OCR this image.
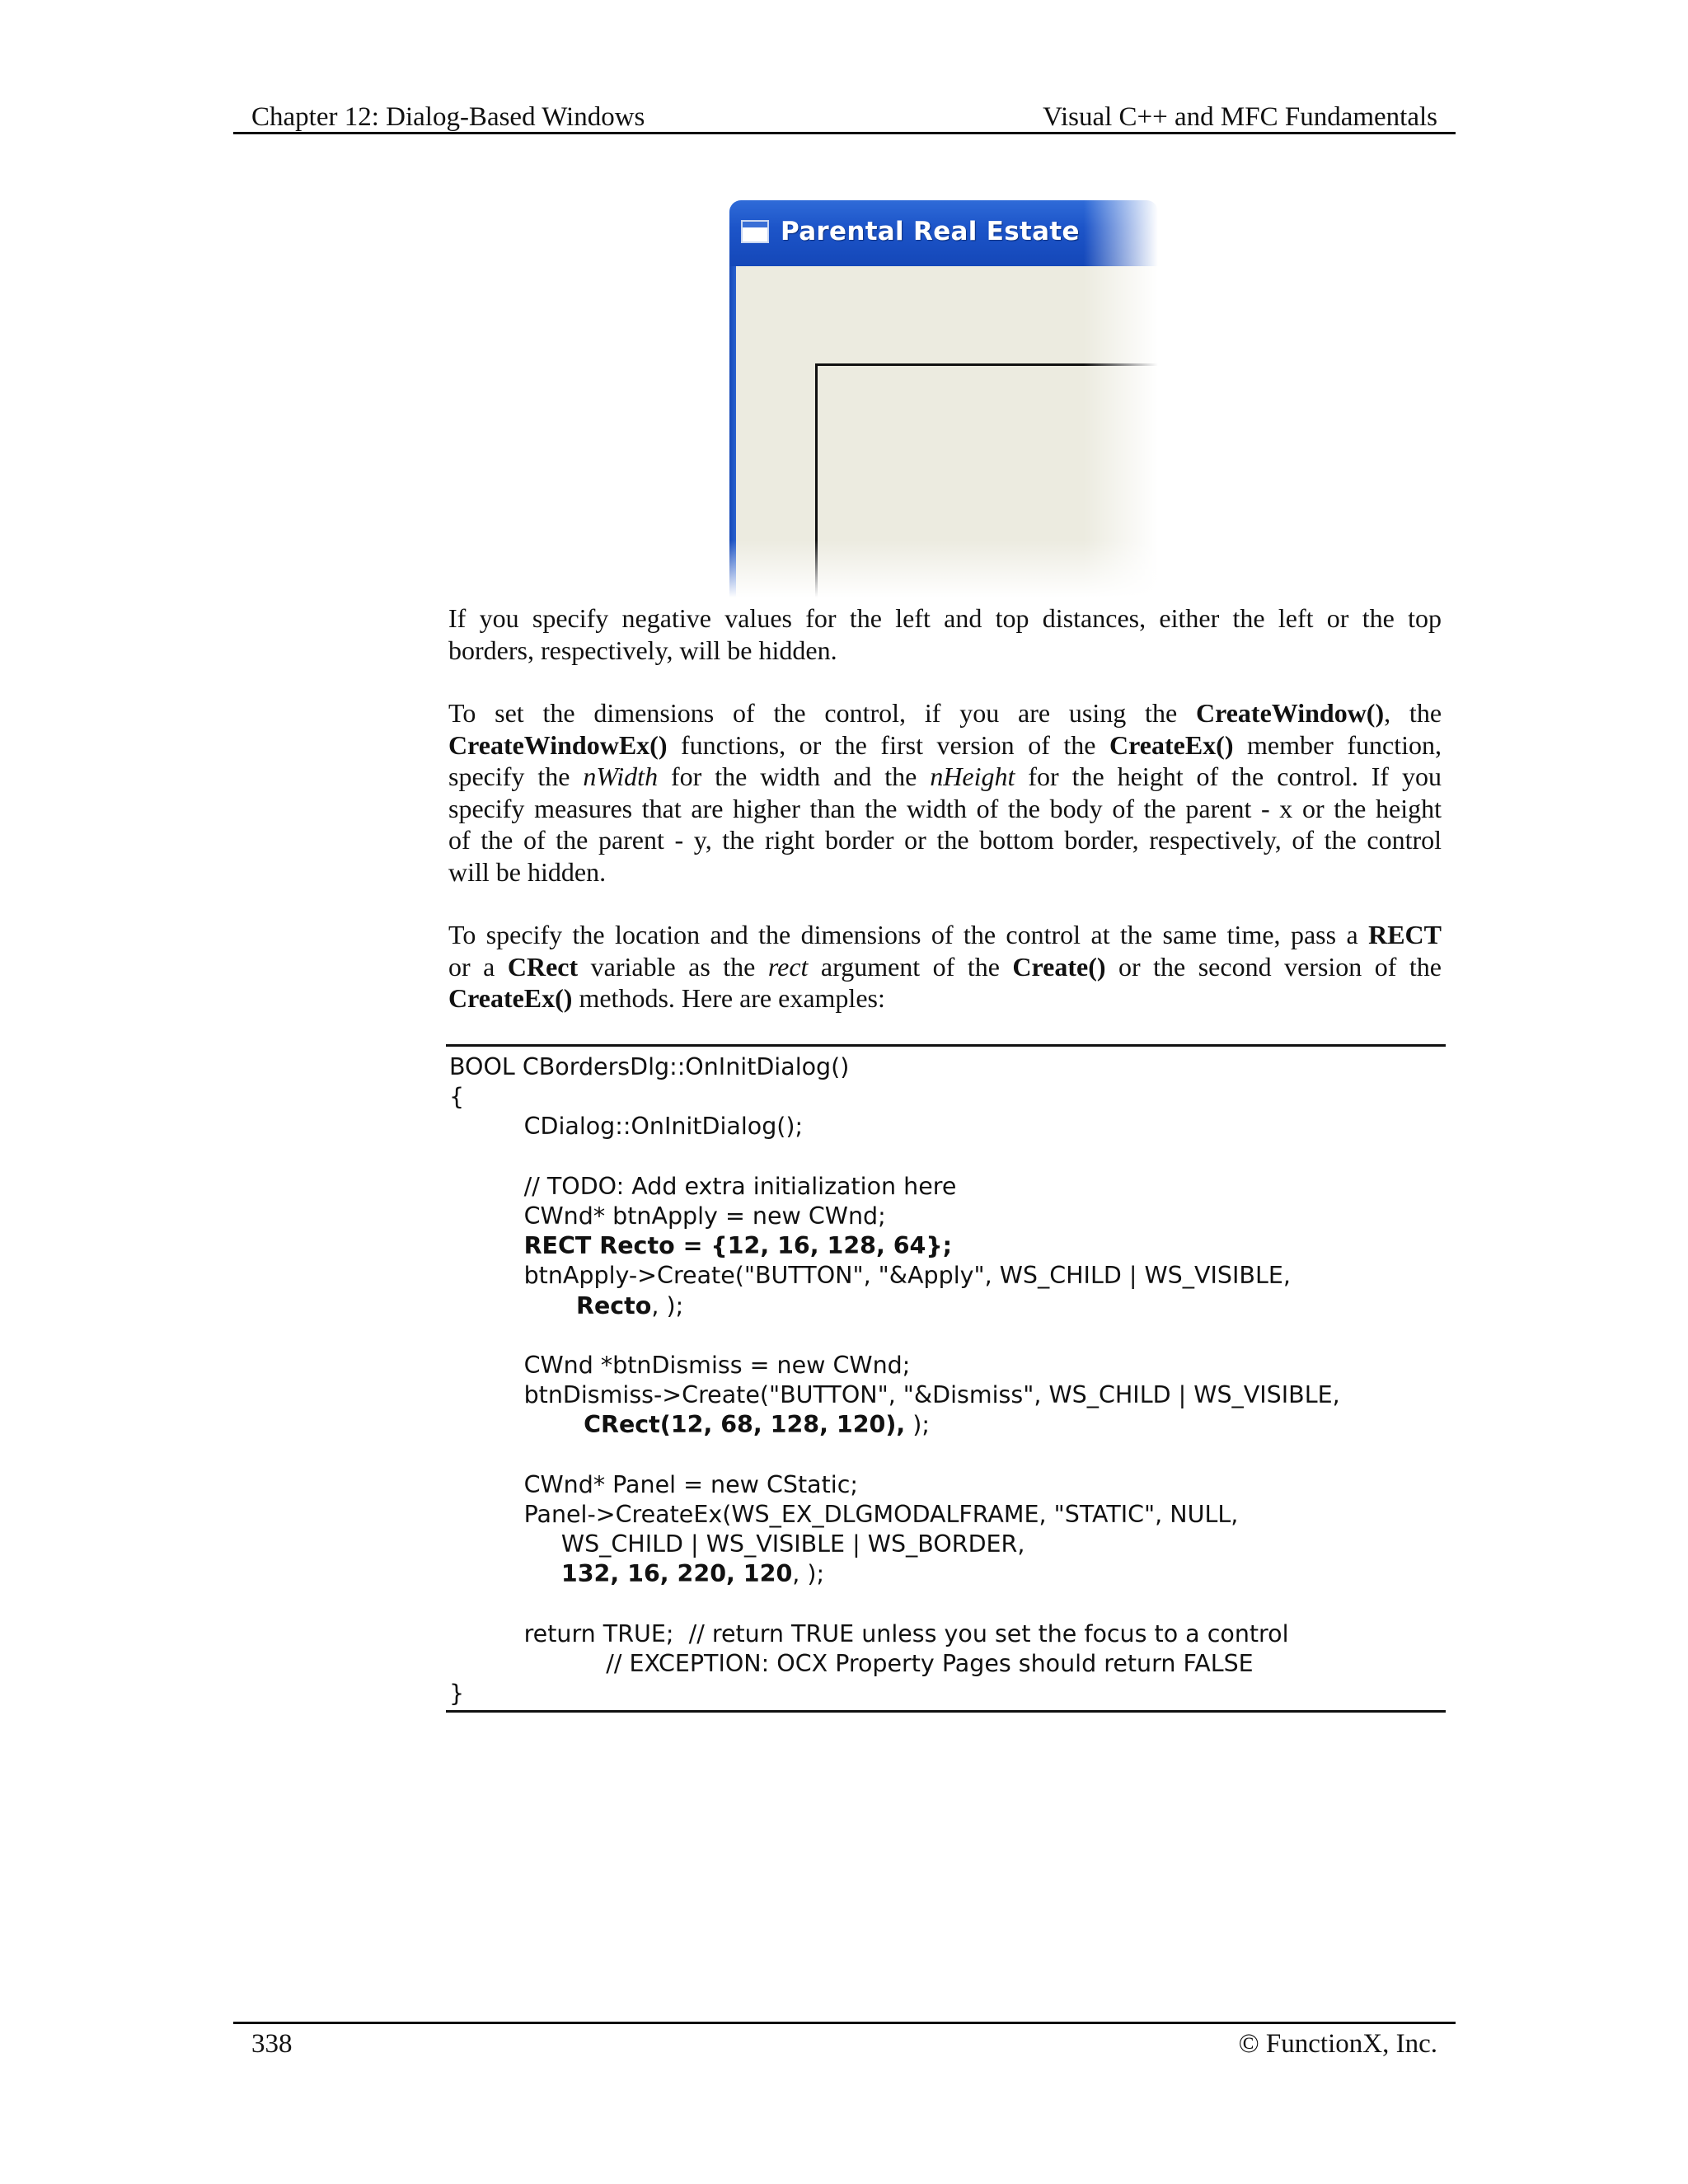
Chapter 12: Dialog-Based Windows	Visual C++ and MFC Fundamentals
Parental Real Estate

If you specify negative values for the left and top distances, either the left or the top
borders, respectively, will be hidden.

To set the dimensions of the control, if you are using the CreateWindow(), the
CreateWindowEx() functions, or the first version of the CreateEx() member function,
specify the nWidth for the width and the nHeight for the height of the control. If you
specify measures that are higher than the width of the body of the parent - x or the height
of the of the parent - y, the right border or the bottom border, respectively, of the control
will be hidden.

To specify the location and the dimensions of the control at the same time, pass a RECT
or a CRect variable as the rect argument of the Create() or the second version of the
CreateEx() methods. Here are examples:

BOOL CBordersDlg::OnInitDialog()
{
CDialog::OnInitDialog();

// TODO: Add extra initialization here
CWnd* btnApply = new CWnd;
RECT Recto = {12, 16, 128, 64};
btnApply->Create("BUTTON", "&Apply", WS_CHILD | WS_VISIBLE,
Recto, );

CWnd *btnDismiss = new CWnd;
btnDismiss->Create("BUTTON", "&Dismiss", WS_CHILD | WS_VISIBLE,
CRect(12, 68, 128, 120), );

CWnd* Panel = new CStatic;
Panel->CreateEx(WS_EX_DLGMODALFRAME, "STATIC", NULL,
WS_CHILD | WS_VISIBLE | WS_BORDER,
132, 16, 220, 120, );

return TRUE;  // return TRUE unless you set the focus to a control
// EXCEPTION: OCX Property Pages should return FALSE
}
338	© FunctionX, Inc.
